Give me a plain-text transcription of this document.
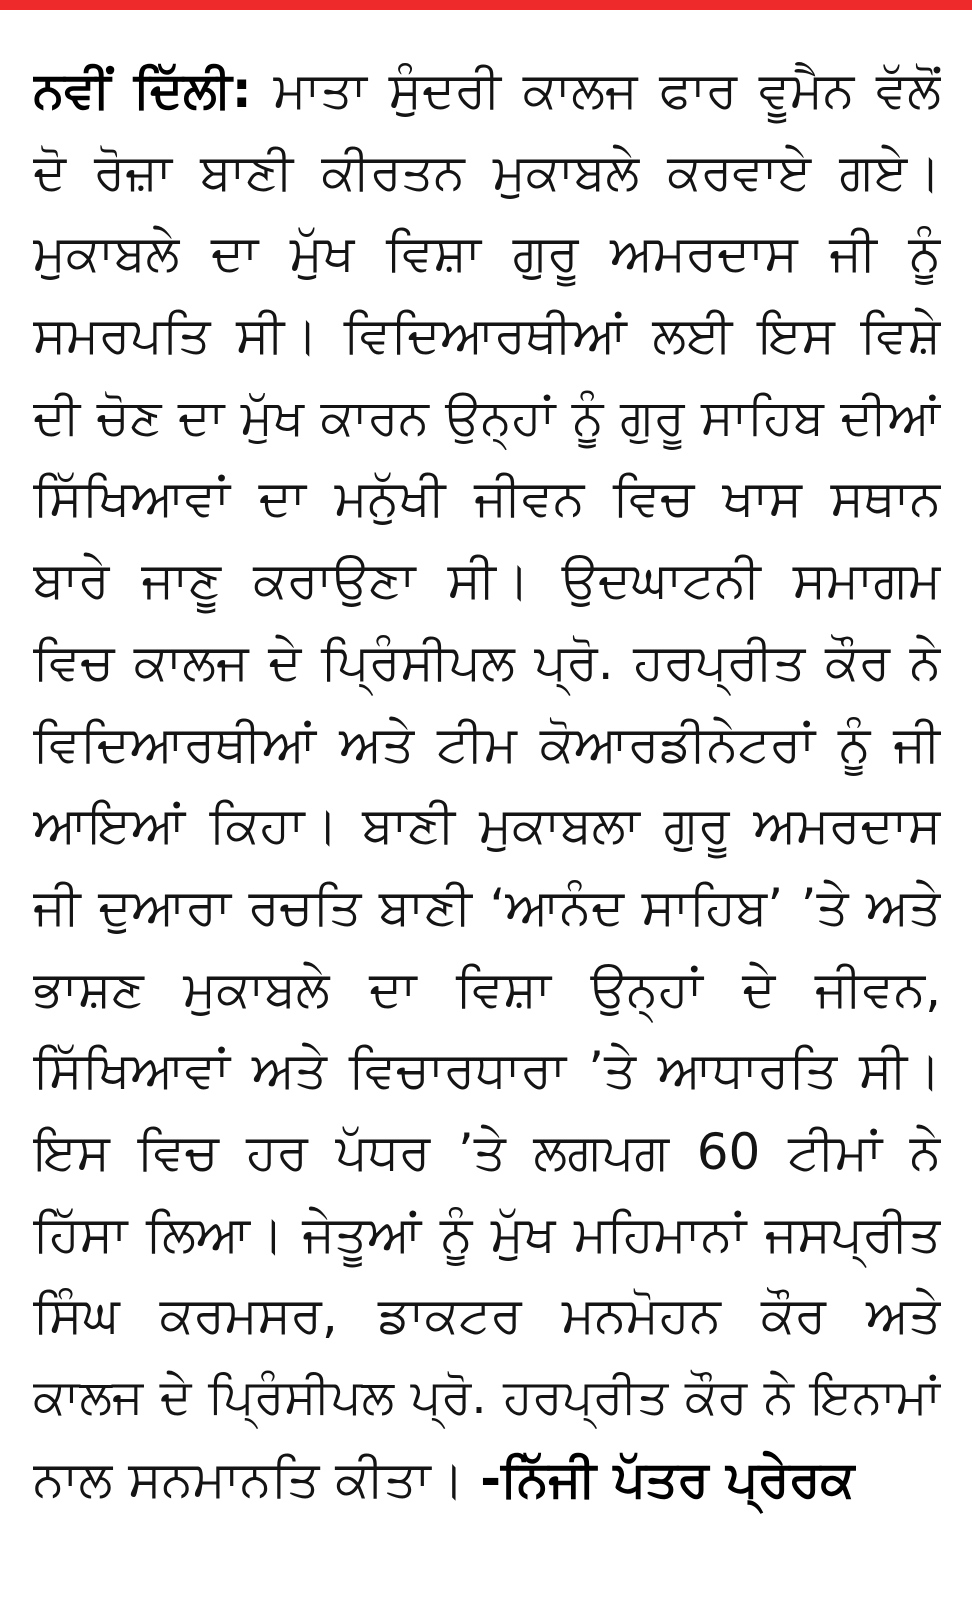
ਨਵੀਂ ਦਿੱਲੀ: ਮਾਤਾ ਸੁੰਦਰੀ ਕਾਲਜ ਫਾਰ ਵੂਮੈਨ ਵੱਲੋਂ
ਦੋ ਰੋਜ਼ਾ ਬਾਣੀ ਕੀਰਤਨ ਮੁਕਾਬਲੇ ਕਰਵਾਏ ਗਏ।
ਮੁਕਾਬਲੇ ਦਾ ਮੁੱਖ ਵਿਸ਼ਾ ਗੁਰੂ ਅਮਰਦਾਸ ਜੀ ਨੂੰ
ਸਮਰਪਤਿ ਸੀ। ਵਿਦਿਆਰਥੀਆਂ ਲਈ ਇਸ ਵਿਸ਼ੇ
ਦੀ ਚੋਣ ਦਾ ਮੁੱਖ ਕਾਰਨ ਉਨ੍ਹਾਂ ਨੂੰ ਗੁਰੂ ਸਾਹਿਬ ਦੀਆਂ
ਸਿੱਖਿਆਵਾਂ ਦਾ ਮਨੁੱਖੀ ਜੀਵਨ ਵਿਚ ਖਾਸ ਸਥਾਨ
ਬਾਰੇ ਜਾਣੂ ਕਰਾਉਣਾ ਸੀ। ਉਦਘਾਟਨੀ ਸਮਾਗਮ
ਵਿਚ ਕਾਲਜ ਦੇ ਪ੍ਰਿੰਸੀਪਲ ਪ੍ਰੋ. ਹਰਪ੍ਰੀਤ ਕੌਰ ਨੇ
ਵਿਦਿਆਰਥੀਆਂ ਅਤੇ ਟੀਮ ਕੋਆਰਡੀਨੇਟਰਾਂ ਨੂੰ ਜੀ
ਆਇਆਂ ਕਿਹਾ। ਬਾਣੀ ਮੁਕਾਬਲਾ ਗੁਰੂ ਅਮਰਦਾਸ
ਜੀ ਦੁਆਰਾ ਰਚਤਿ ਬਾਣੀ ‘ਆਨੰਦ ਸਾਹਿਬ’ ’ਤੇ ਅਤੇ
ਭਾਸ਼ਣ ਮੁਕਾਬਲੇ ਦਾ ਵਿਸ਼ਾ ਉਨ੍ਹਾਂ ਦੇ ਜੀਵਨ,
ਸਿੱਖਿਆਵਾਂ ਅਤੇ ਵਿਚਾਰਧਾਰਾ ’ਤੇ ਆਧਾਰਤਿ ਸੀ।
ਇਸ ਵਿਚ ਹਰ ਪੱਧਰ ’ਤੇ ਲਗਪਗ 60 ਟੀਮਾਂ ਨੇ
ਹਿੱਸਾ ਲਿਆ। ਜੇਤੂਆਂ ਨੂੰ ਮੁੱਖ ਮਹਿਮਾਨਾਂ ਜਸਪ੍ਰੀਤ
ਸਿੰਘ ਕਰਮਸਰ, ਡਾਕਟਰ ਮਨਮੋਹਨ ਕੌਰ ਅਤੇ
ਕਾਲਜ ਦੇ ਪ੍ਰਿੰਸੀਪਲ ਪ੍ਰੋ. ਹਰਪ੍ਰੀਤ ਕੌਰ ਨੇ ਇਨਾਮਾਂ
ਨਾਲ ਸਨਮਾਨਤਿ ਕੀਤਾ। -ਨਿੱਜੀ ਪੱਤਰ ਪ੍ਰੇਰਕ
